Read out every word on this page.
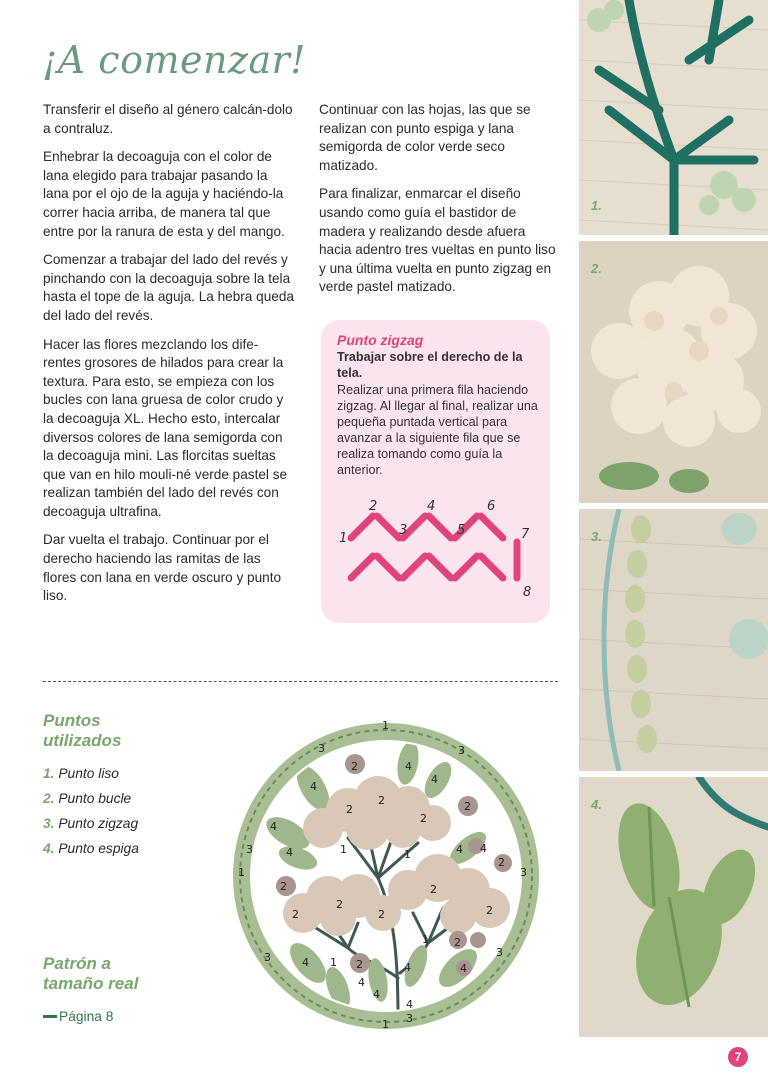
¡A comenzar!

Transferir el diseño al género calcán-dolo a contraluz.

Enhebrar la decoaguja con el color de lana elegido para trabajar pasando la lana por el ojo de la aguja y haciéndo-la correr hacia arriba, de manera tal que entre por la ranura de esta y del mango.

Comenzar a trabajar del lado del revés y pinchando con la decoaguja sobre la tela hasta el tope de la aguja. La hebra queda del lado del revés.

Hacer las flores mezclando los dife-rentes grosores de hilados para crear la textura. Para esto, se empieza con los bucles con lana gruesa de color crudo y la decoaguja XL. Hecho esto, intercalar diversos colores de lana semigorda con la decoaguja mini. Las florcitas sueltas que van en hilo mouli-né verde pastel se realizan también del lado del revés con decoaguja ultrafina.

Dar vuelta el trabajo. Continuar por el derecho haciendo las ramitas de las flores con lana en verde oscuro y punto liso.

Continuar con las hojas, las que se realizan con punto espiga y lana semigorda de color verde seco matizado.

Para finalizar, enmarcar el diseño usando como guía el bastidor de madera y realizando desde afuera hacia adentro tres vueltas en punto liso y una última vuelta en punto zigzag en verde pastel matizado.

Punto zigzag
Trabajar sobre el derecho de la tela.
Realizar una primera fila haciendo zigzag. Al llegar al final, realizar una pequeña puntada vertical para avanzar a la siguiente fila que se realiza tomando como guía la anterior.
1
2
3
4
5
6
7
8
Puntos utilizados
1. Punto liso
2. Punto bucle
3. Punto zigzag
4. Punto espiga
Patrón a tamaño real
Página 8
1
3	3
4
4
4
2
2
2
2
2
4
4
3
1
1	1	4 4
2
3
2
2
2	2
2
2
1 2
3	4 1 2	4	4
3
4
4
4
1 3
1.
2.
3.
4.
7
